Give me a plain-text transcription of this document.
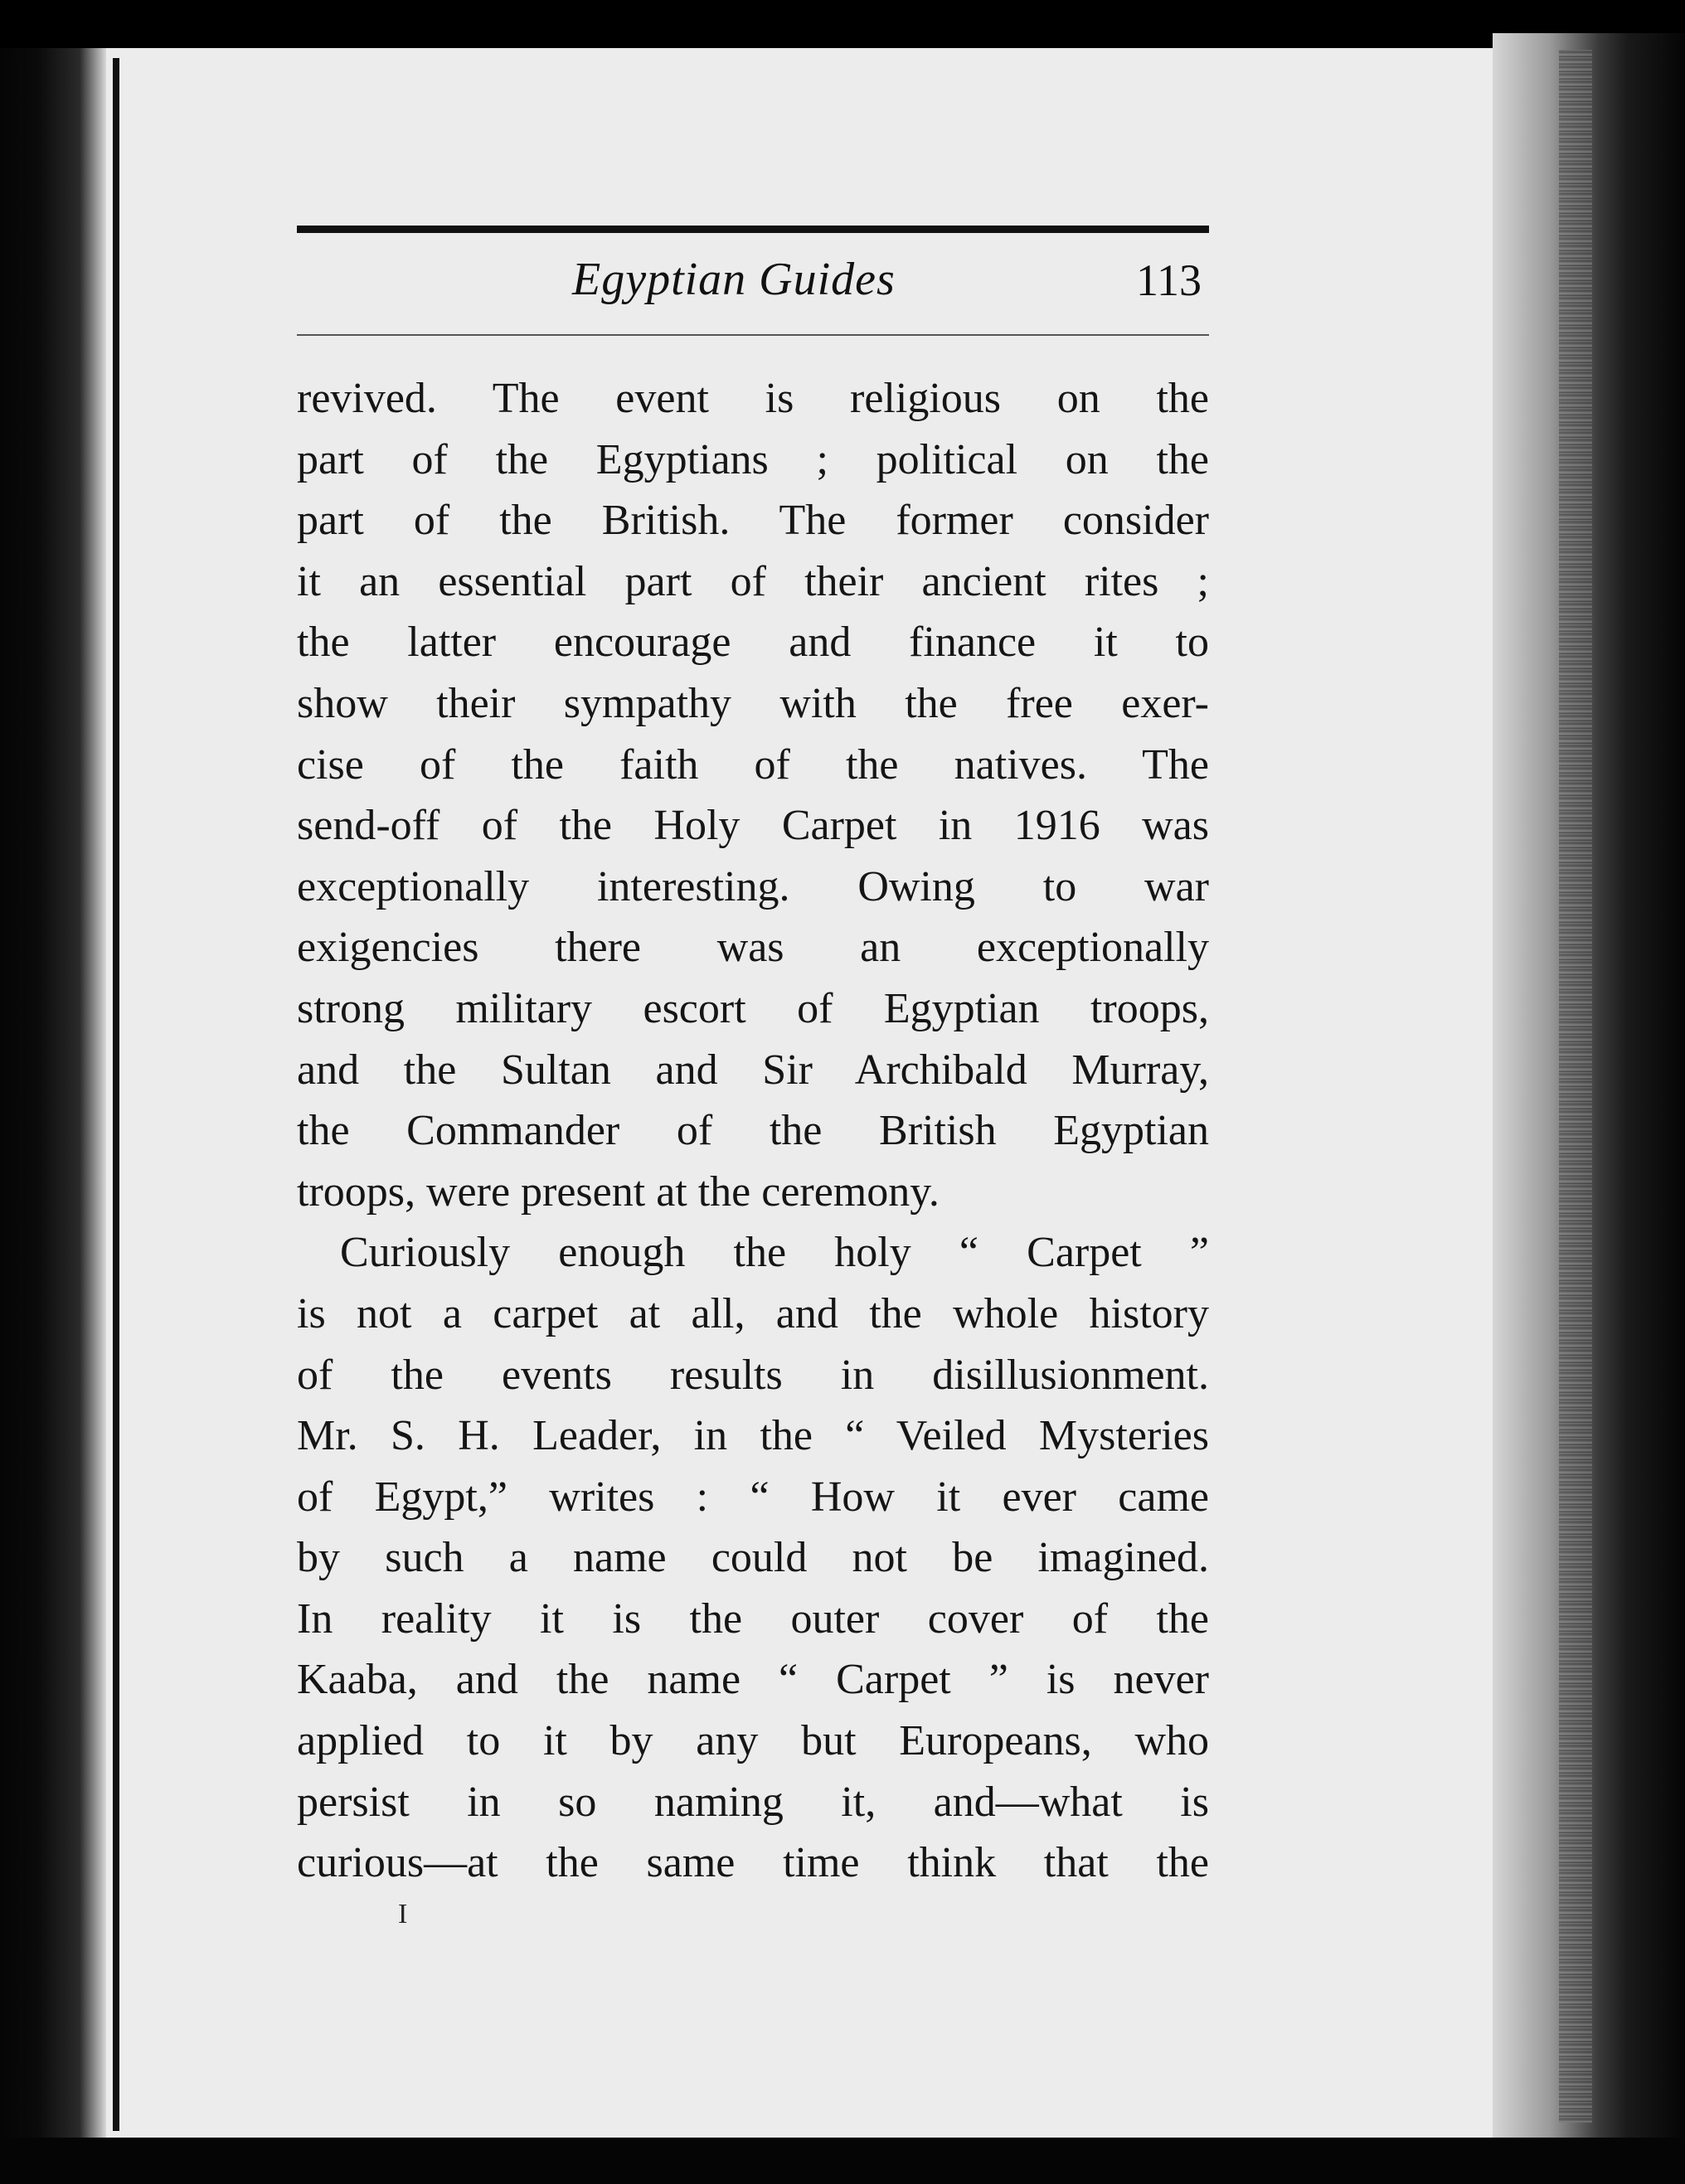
Egyptian Guides	113
revived. The event is religious on the
part of the Egyptians ; political on the
part of the British. The former consider
it an essential part of their ancient rites ;
the latter encourage and finance it to
show their sympathy with the free exer-
cise of the faith of the natives. The
send-off of the Holy Carpet in 1916 was
exceptionally interesting. Owing to war
exigencies there was an exceptionally
strong military escort of Egyptian troops,
and the Sultan and Sir Archibald Murray,
the Commander of the British Egyptian
troops, were present at the ceremony.
Curiously enough the holy “ Carpet ”
is not a carpet at all, and the whole history
of the events results in disillusionment.
Mr. S. H. Leader, in the “ Veiled Mysteries
of Egypt,” writes : “ How it ever came
by such a name could not be imagined.
In reality it is the outer cover of the
Kaaba, and the name “ Carpet ” is never
applied to it by any but Europeans, who
persist in so naming it, and—what is
curious—at the same time think that the
I
